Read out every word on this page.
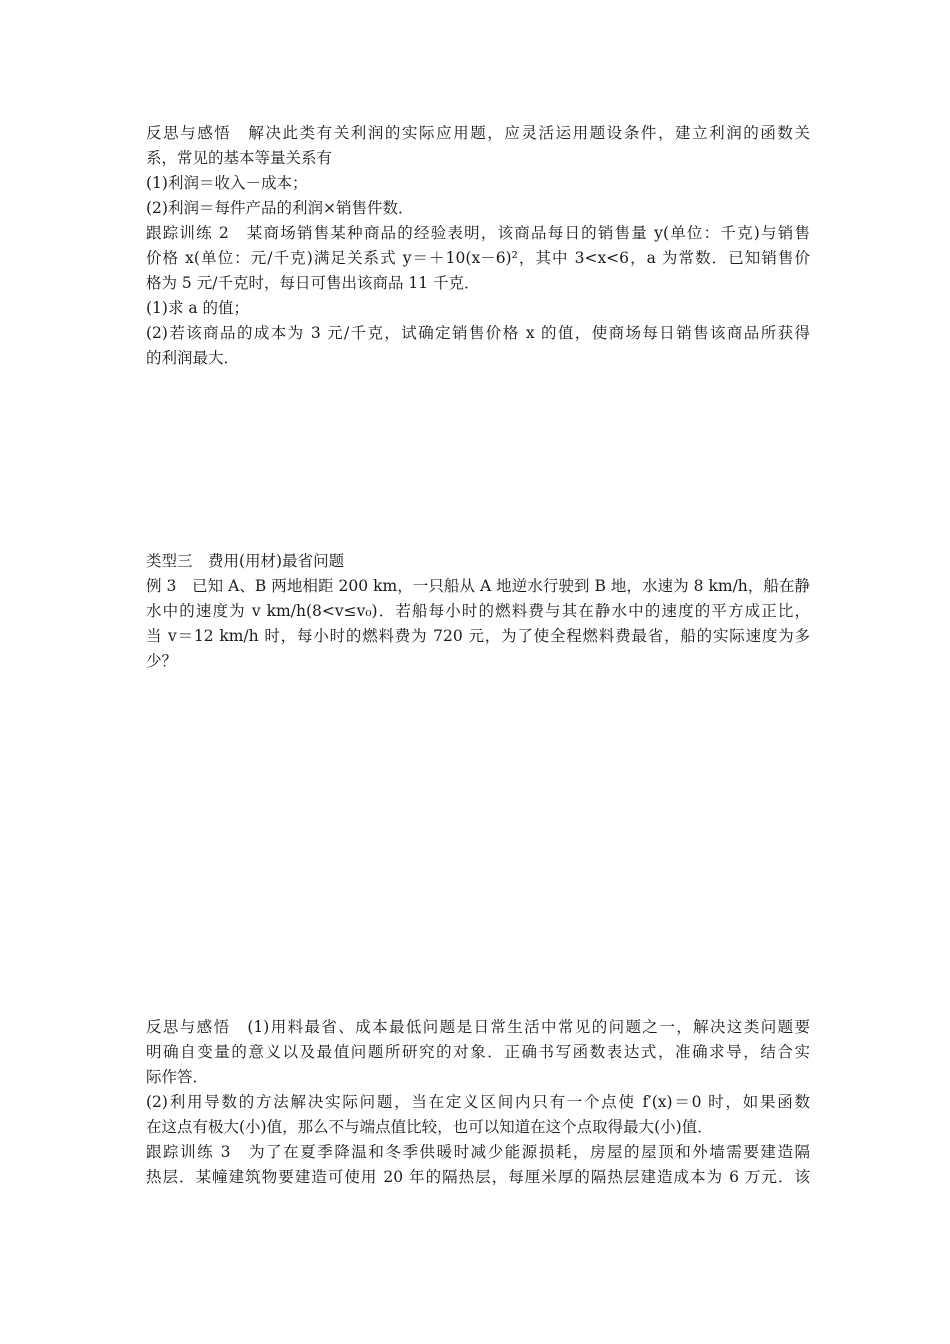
反思与感悟　解决此类有关利润的实际应用题，应灵活运用题设条件，建立利润的函数关
系，常见的基本等量关系有
(1)利润＝收入－成本；
(2)利润＝每件产品的利润×销售件数．
跟踪训练 2　某商场销售某种商品的经验表明，该商品每日的销售量 y(单位：千克)与销售
价格 x(单位：元/千克)满足关系式 y＝＋10(x－6)²，其中 3<x<6，a 为常数．已知销售价
格为 5 元/千克时，每日可售出该商品 11 千克．
(1)求 a 的值；
(2)若该商品的成本为 3 元/千克，试确定销售价格 x 的值，使商场每日销售该商品所获得
的利润最大．
类型三　费用(用材)最省问题
例 3　已知 A、B 两地相距 200 km，一只船从 A 地逆水行驶到 B 地，水速为 8 km/h，船在静
水中的速度为 v km/h(8<v≤v₀)．若船每小时的燃料费与其在静水中的速度的平方成正比，
当 v＝12 km/h 时，每小时的燃料费为 720 元，为了使全程燃料费最省，船的实际速度为多
少？
反思与感悟　(1)用料最省、成本最低问题是日常生活中常见的问题之一，解决这类问题要
明确自变量的意义以及最值问题所研究的对象．正确书写函数表达式，准确求导，结合实
际作答．
(2)利用导数的方法解决实际问题，当在定义区间内只有一个点使 f′(x)＝0 时，如果函数
在这点有极大(小)值，那么不与端点值比较，也可以知道在这个点取得最大(小)值．
跟踪训练 3　为了在夏季降温和冬季供暖时减少能源损耗，房屋的屋顶和外墙需要建造隔
热层．某幢建筑物要建造可使用 20 年的隔热层，每厘米厚的隔热层建造成本为 6 万元．该
